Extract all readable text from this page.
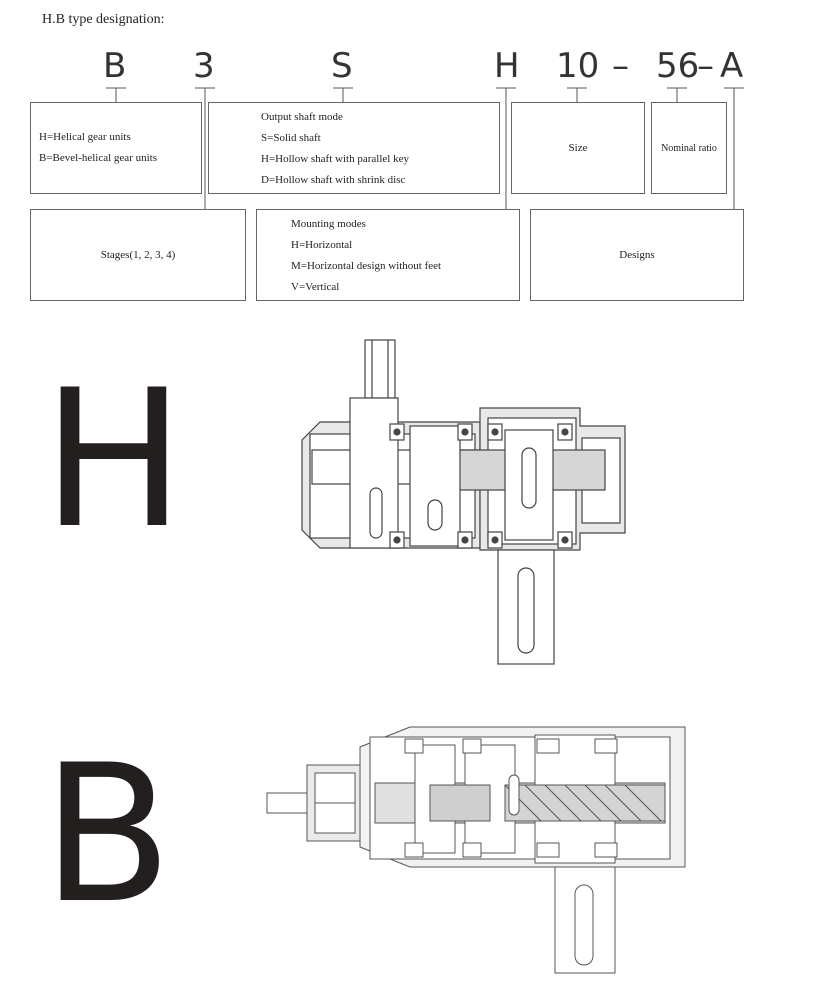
H.B type designation:
B 3	S	H 10 – 56
– A
H=Helical gear units
B=Bevel-helical gear units
Output shaft mode
S=Solid shaft
H=Hollow shaft with parallel key
D=Hollow shaft with shrink disc
Size	Nominal ratio
Stages(1, 2, 3, 4)
Mounting modes
H=Horizontal
M=Horizontal design without feet
V=Vertical
Designs
H
B
